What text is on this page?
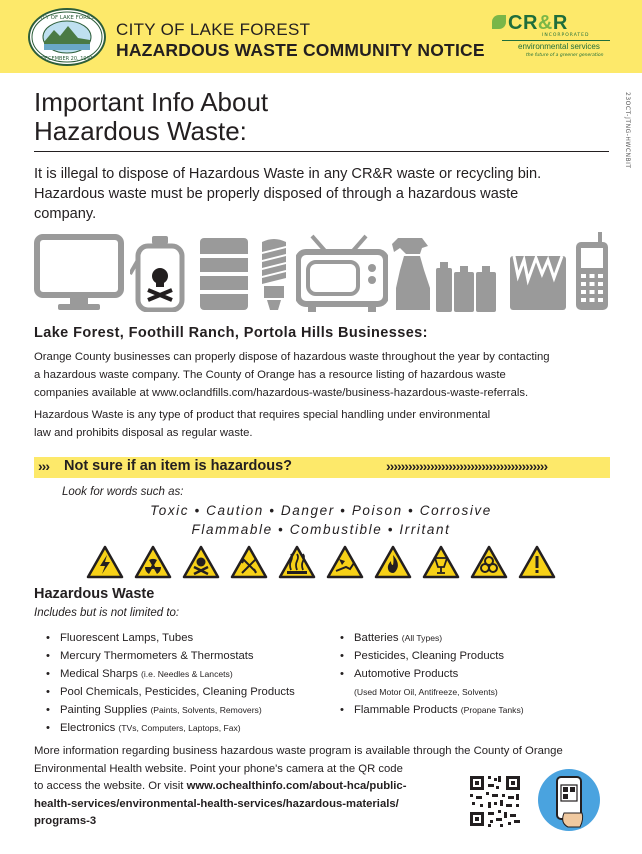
CITY OF LAKE FOREST
DECEMBER 20, 1991
CITY OF LAKE FOREST
HAZARDOUS WASTE COMMUNITY NOTICE
CR&R
INCORPORATED
environmental services
the future of a greener generation
23OCT-JTNG-HWCNBIT
Important Info About
Hazardous Waste:
It is illegal to dispose of Hazardous Waste in any CR&R waste or recycling bin.
Hazardous waste must be properly disposed of through a hazardous waste
company.
Lake Forest, Foothill Ranch, Portola Hills Businesses:
Orange County businesses can properly dispose of hazardous waste throughout the year by contacting
a hazardous waste company. The County of Orange has a resource listing of hazardous waste
companies available at www.oclandfills.com/hazardous-waste/business-hazardous-waste-referrals.
Hazardous Waste is any type of product that requires special handling under environmental
law and prohibits disposal as regular waste.
››› Not sure if an item is hazardous?	››››››››››››››››››››››››››››››››››››››››››››
Look for words such as:
Toxic • Caution • Danger • Poison • Corrosive
Flammable • Combustible • Irritant
Hazardous Waste
Includes but is not limited to:
• Fluorescent Lamps, Tubes
• Mercury Thermometers & Thermostats
• Medical Sharps (i.e. Needles & Lancets)
• Pool Chemicals, Pesticides, Cleaning Products
• Painting Supplies (Paints, Solvents, Removers)
• Electronics (TVs, Computers, Laptops, Fax)
• Batteries (All Types)
• Pesticides, Cleaning Products
• Automotive Products
(Used Motor Oil, Antifreeze, Solvents)
• Flammable Products (Propane Tanks)
More information regarding business hazardous waste program is available through the County of Orange
Environmental Health website. Point your phone's camera at the QR code
to access the website. Or visit www.ochealthinfo.com/about-hca/public-
health-services/environmental-health-services/hazardous-materials/
programs-3
